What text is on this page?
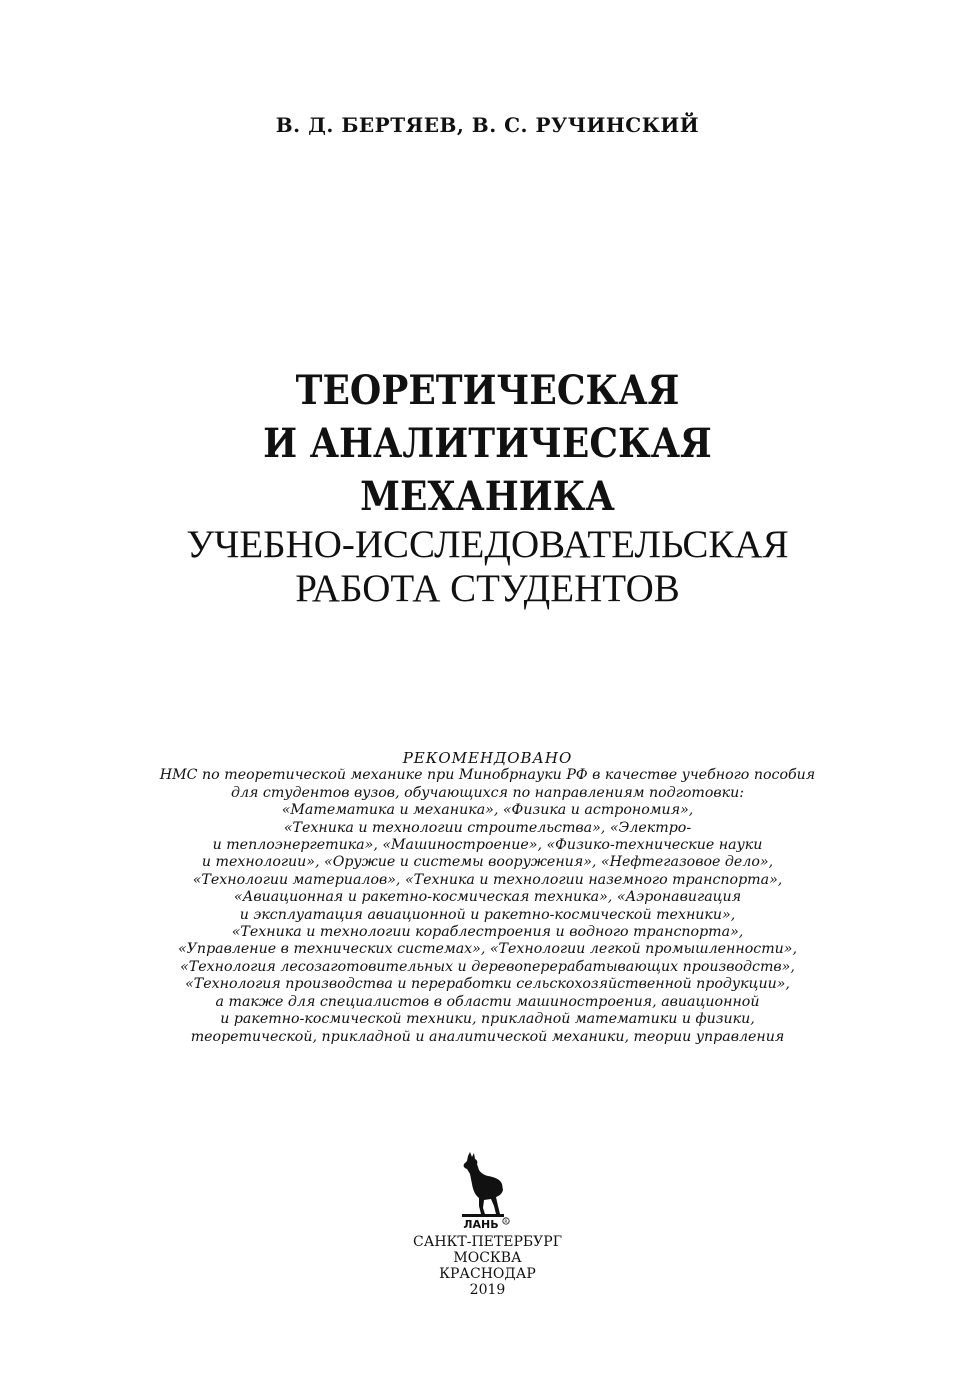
В. Д. БЕРТЯЕВ, В. С. РУЧИНСКИЙ
ТЕОРЕТИЧЕСКАЯ
И АНАЛИТИЧЕСКАЯ
МЕХАНИКА
УЧЕБНО-ИССЛЕДОВАТЕЛЬСКАЯ
РАБОТА СТУДЕНТОВ
РЕКОМЕНДОВАНО
НМС по теоретической механике при Минобрнауки РФ в качестве учебного пособия
для студентов вузов, обучающихся по направлениям подготовки:
«Математика и механика», «Физика и астрономия»,
«Техника и технологии строительства», «Электро-
и теплоэнергетика», «Машиностроение», «Физико-технические науки
и технологии», «Оружие и системы вооружения», «Нефтегазовое дело»,
«Технологии материалов», «Техника и технологии наземного транспорта»,
«Авиационная и ракетно-космическая техника», «Аэронавигация
и эксплуатация авиационной и ракетно-космической техники»,
«Техника и технологии кораблестроения и водного транспорта»,
«Управление в технических системах», «Технологии легкой промышленности»,
«Технология лесозаготовительных и деревоперерабатывающих производств»,
«Технология производства и переработки сельскохозяйственной продукции»,
а также для специалистов в области машиностроения, авиационной
и ракетно-космической техники, прикладной математики и физики,
теоретической, прикладной и аналитической механики, теории управления
ЛАНЬ R
САНКТ-ПЕТЕРБУРГ
МОСКВА
КРАСНОДАР
2019
